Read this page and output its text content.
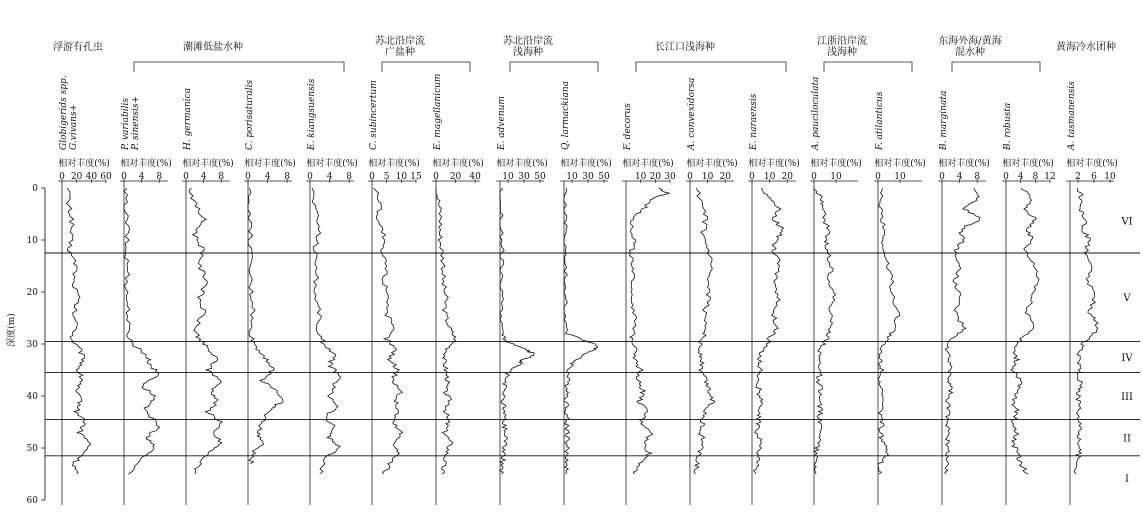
浮游有孔虫	潮滩低盐水种
苏北沿岸流
广盐种
苏北沿岸流
浅海种	长江口浅海种
江浙沿岸流
浅海种
东海外海/黄海
混水种	黄海冷水团种
Globigerids spp. G.vivans+
相对丰度(%)
0 20 40 60
P. variabilis P. sinensis+
相对丰度(%)
0 4 8
H. germanica
相对丰度(%)
0 4 8
C. porisaturalis
相对丰度(%)
0 4 8
E. kiangsuensis
相对丰度(%)
0 4 8
C. subincertum
相对丰度(%)
0 5 10 15
E. magellanicum
相对丰度(%)
0 20 40
E. advenum
相对丰度(%)
10 30 50
Q. larmackiana
相对丰度(%)
10 30 50
F. decorus
相对丰度(%)
10 20 30
A. convexidorsa
相对丰度(%)
0 10 20
E. naraensis
相对丰度(%)
0 10 20
A. pauciloculata
相对丰度(%)
0 10
F. atilanticus
相对丰度(%)
0 10
B. marginata
相对丰度(%)
0 4 8
B. robusta
相对丰度(%)
0 4 8 12
A. tasmanensis
相对丰度(%)
2 6 10
0
10
20
30
40
50
60
深度(m)
VI
V
IV
III
II
I
